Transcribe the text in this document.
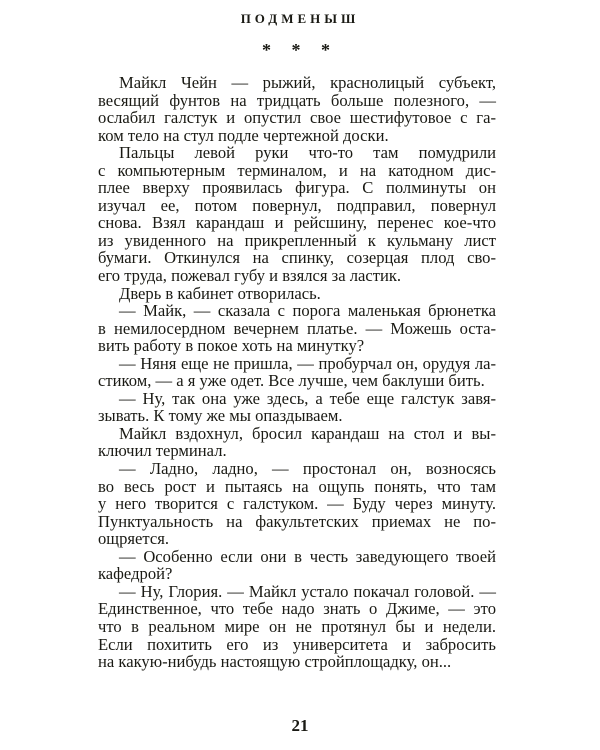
ПОДМЕНЫШ
* * *
Майкл Чейн — рыжий, краснолицый субъект,
весящий фунтов на тридцать больше полезного, —
ослабил галстук и опустил свое шестифутовое с га-
ком тело на стул подле чертежной доски.
Пальцы левой руки что-то там помудрили
с компьютерным терминалом, и на катодном дис-
плее вверху проявилась фигура. С полминуты он
изучал ее, потом повернул, подправил, повернул
снова. Взял карандаш и рейсшину, перенес кое-что
из увиденного на прикрепленный к кульману лист
бумаги. Откинулся на спинку, созерцая плод сво-
его труда, пожевал губу и взялся за ластик.
Дверь в кабинет отворилась.
— Майк, — сказала с порога маленькая брюнетка
в немилосердном вечернем платье. — Можешь оста-
вить работу в покое хоть на минутку?
— Няня еще не пришла, — пробурчал он, орудуя ла-
стиком, — а я уже одет. Все лучше, чем баклуши бить.
— Ну, так она уже здесь, а тебе еще галстук завя-
зывать. К тому же мы опаздываем.
Майкл вздохнул, бросил карандаш на стол и вы-
ключил терминал.
— Ладно, ладно, — простонал он, возносясь
во весь рост и пытаясь на ощупь понять, что там
у него творится с галстуком. — Буду через минуту.
Пунктуальность на факультетских приемах не по-
ощряется.
— Особенно если они в честь заведующего твоей
кафедрой?
— Ну, Глория. — Майкл устало покачал головой. —
Единственное, что тебе надо знать о Джиме, — это
что в реальном мире он не протянул бы и недели.
Если похитить его из университета и забросить
на какую-нибудь настоящую стройплощадку, он...
21
